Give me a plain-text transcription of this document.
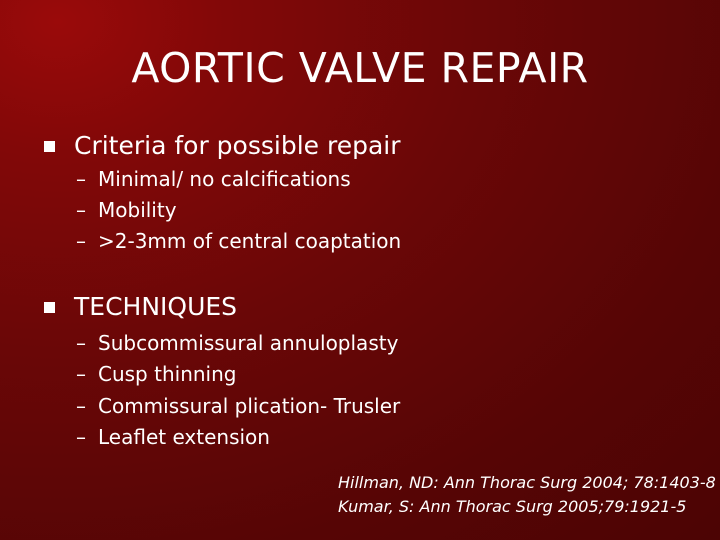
AORTIC VALVE REPAIR
Criteria for possible repair
– Minimal/ no calcifications
– Mobility
– >2-3mm of central coaptation
TECHNIQUES
– Subcommissural annuloplasty
– Cusp thinning
– Commissural plication- Trusler
– Leaflet extension
Hillman, ND: Ann Thorac Surg 2004; 78:1403-8
Kumar, S: Ann Thorac Surg 2005;79:1921-5
